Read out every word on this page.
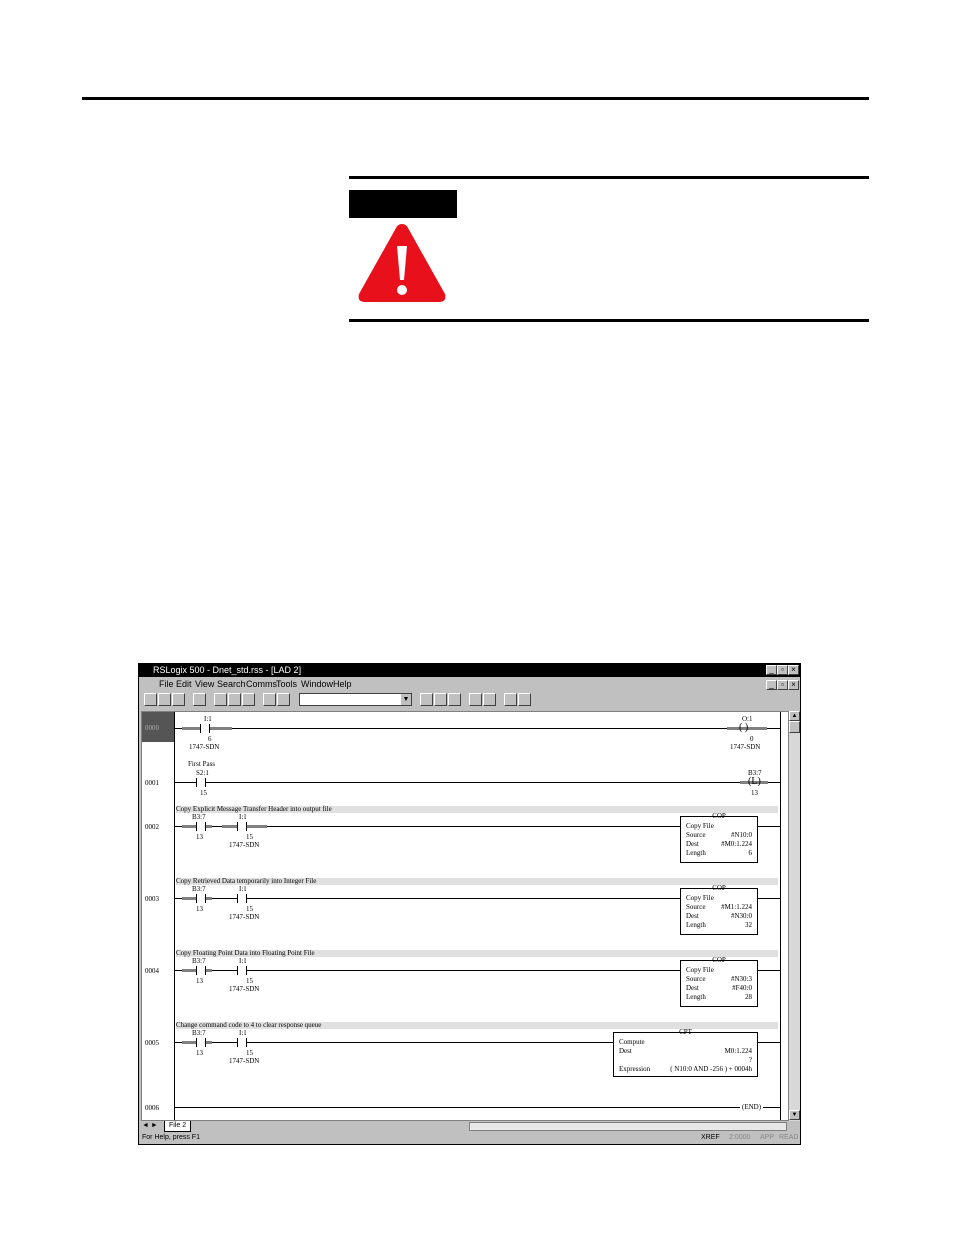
RSLogix 500 - Dnet_std.rss - [LAD 2]	_ ▫ ×
File Edit View Search Comms Tools Window Help	_ ▫ ×
▼
0000
I:1
6
1747-SDN
O:1
( )
0
1747-SDN
0001
First Pass
S2:1
15
B3:7
(L)
13
Copy Explicit Message Transfer Header into output file
0002
B3:7
13
I:1
15
1747-SDN
COP
Copy File
Source	#N10:0
Dest	#M0:1.224
Length	6
Copy Retrieved Data temporarily into Integer File
0003
B3:7
13
I:1
15
1747-SDN
COP
Copy File
Source #M1:1.224
Dest	#N30:0
Length	32
Copy Floating Point Data into Floating Point File
0004
B3:7
13
I:1
15
1747-SDN
COP
Copy File
Source	#N30:3
Dest	#F40:0
Length	28
Change command code to 4 to clear response queue
0005
B3:7
13
I:1
15
1747-SDN
CPT
Compute
Dest	M0:1.224
?
Expression	( N10:0 AND -256 ) + 0004h
0006	(END)
▲
▼
◄ ►	File 2
For Help, press F1	XREF 2:0000 APP READ
